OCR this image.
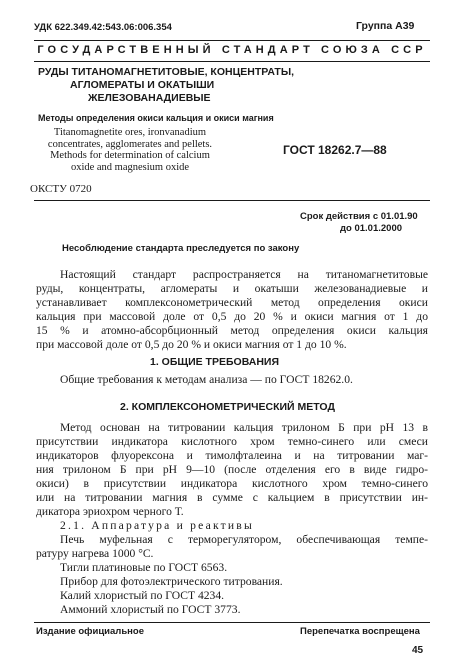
УДК 622.349.42:543.06:006.354	Группа А39
ГОСУДАРСТВЕННЫЙ СТАНДАРТ СОЮЗА ССР
РУДЫ ТИТАНОМАГНЕТИТОВЫЕ, КОНЦЕНТРАТЫ,
АГЛОМЕРАТЫ И ОКАТЫШИ
ЖЕЛЕЗОВАНАДИЕВЫЕ
Методы определения окиси кальция и окиси магния
Titanomagnetite ores, ironvanadium
concentrates, agglomerates and pellets.
Methods for determination of calcium
oxide and magnesium oxide
ГОСТ 18262.7—88
ОКСТУ 0720
Срок действия с 01.01.90
до 01.01.2000
Несоблюдение стандарта преследуется по закону

Настоящий стандарт распространяется на титаномагнетитовые

руды, концентраты, агломераты и окатыши железованадиевые и

устанавливает комплексонометрический метод определения окиси

кальция при массовой доле от 0,5 до 20 % и окиси магния от 1 до

15 % и атомно-абсорбционный метод определения окиси кальция

при массовой доле от 0,5 до 20 % и окиси магния от 1 до 10 %.

1. ОБЩИЕ ТРЕБОВАНИЯ
Общие требования к методам анализа — по ГОСТ 18262.0.
2. КОМПЛЕКСОНОМЕТРИЧЕСКИЙ МЕТОД

Метод основан на титровании кальция трилоном Б при рН 13 в

присутствии индикатора кислотного хром темно-синего или смеси

индикаторов флуорексона и тимолфталеина и на титровании маг-

ния трилоном Б при рН 9—10 (после отделения его в виде гидро-

окиси) в присутствии индикатора кислотного хром темно-синего

или на титровании магния в сумме с кальцием в присутствии ин-

дикатора эриохром черного Т.

2.1. Аппаратура и реактивы

Печь муфельная с терморегулятором, обеспечивающая темпе-

ратуру нагрева 1000 °С.

Тигли платиновые по ГОСТ 6563.
Прибор для фотоэлектрического титрования.
Калий хлористый по ГОСТ 4234.
Аммоний хлористый по ГОСТ 3773.
Издание официальное	Перепечатка воспрещена
45
